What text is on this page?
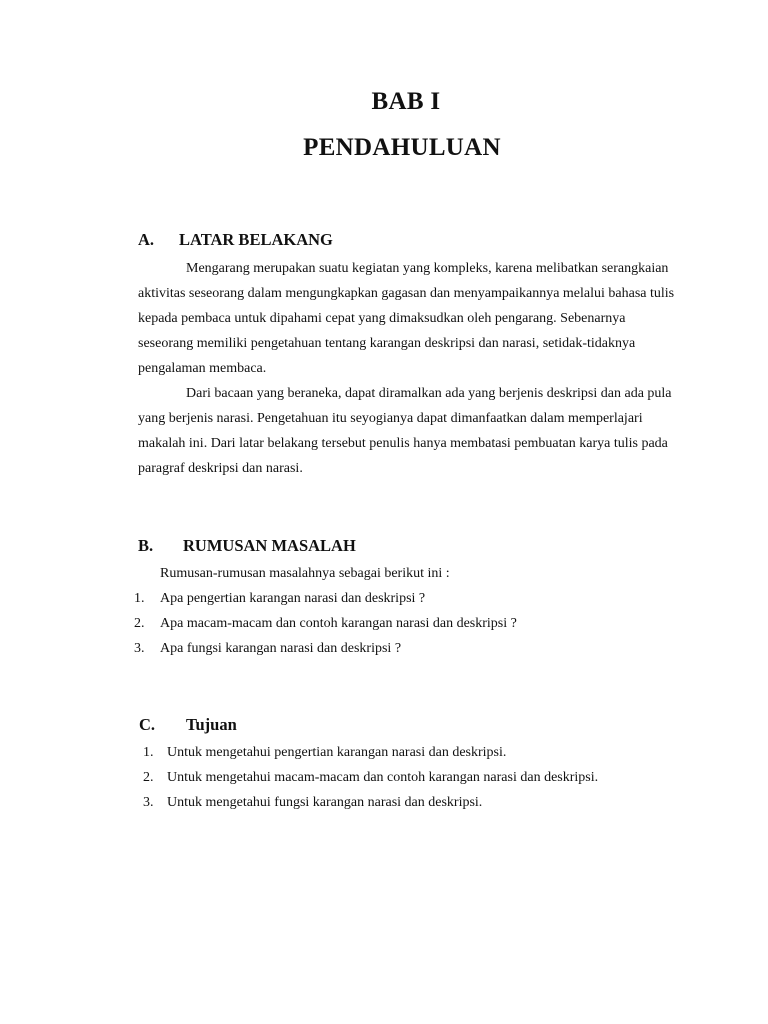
BAB I
PENDAHULUAN
A. LATAR BELAKANG

Mengarang merupakan suatu kegiatan yang kompleks, karena melibatkan serangkaian aktivitas seseorang dalam mengungkapkan gagasan dan menyampaikannya melalui bahasa tulis kepada pembaca untuk dipahami cepat yang dimaksudkan oleh pengarang. Sebenarnya seseorang memiliki pengetahuan tentang karangan deskripsi dan narasi, setidak-tidaknya pengalaman membaca.

Dari bacaan yang beraneka, dapat diramalkan ada yang berjenis deskripsi dan ada pula yang berjenis narasi. Pengetahuan itu seyogianya dapat dimanfaatkan dalam memperlajari makalah ini. Dari latar belakang tersebut penulis hanya membatasi pembuatan karya tulis pada paragraf deskripsi dan narasi.

B. RUMUSAN MASALAH
Rumusan-rumusan masalahnya sebagai berikut ini :
1. Apa pengertian karangan narasi dan deskripsi ?
2. Apa macam-macam dan contoh karangan narasi dan deskripsi ?
3. Apa fungsi karangan narasi dan deskripsi ?
C. Tujuan
1. Untuk mengetahui pengertian karangan narasi dan deskripsi.
2. Untuk mengetahui macam-macam dan contoh karangan narasi dan deskripsi.
3. Untuk mengetahui fungsi karangan narasi dan deskripsi.
